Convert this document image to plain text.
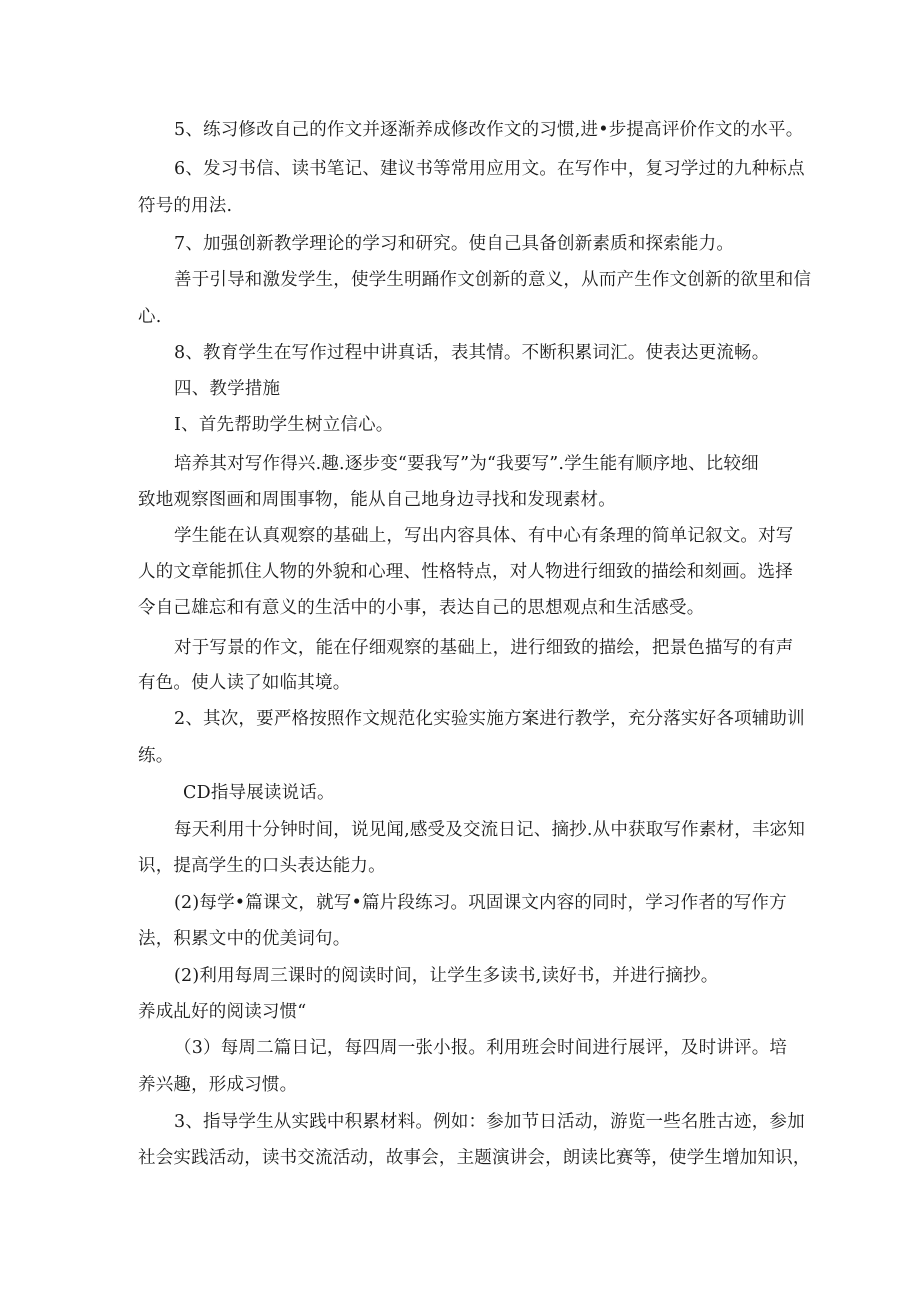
5、练习修改自己的作文并逐渐养成修改作文的习惯,进•步提高评价作文的水平。
6、发习书信、读书笔记、建议书等常用应用文。在写作中，复习学过的九种标点
符号的用法.
7、加强创新教学理论的学习和研究。使自己具备创新素质和探索能力。
善于引导和激发学生，使学生明踊作文创新的意义，从而产生作文创新的欲里和信
心.
8、教育学生在写作过程中讲真话，表其情。不断积累词汇。使表达更流畅。
四、教学措施
I、首先帮助学生树立信心。
培养其对写作得兴.趣.逐步变“要我写”为“我要写”.学生能有顺序地、比较细
致地观察图画和周围事物，能从自己地身边寻找和发现素材。
学生能在认真观察的基础上，写出内容具体、有中心有条理的简单记叙文。对写
人的文章能抓住人物的外貌和心理、性格特点，对人物进行细致的描绘和刻画。选择
令自己雄忘和有意义的生活中的小事，表达自己的思想观点和生活感受。
对于写景的作文，能在仔细观察的基础上，进行细致的描绘，把景色描写的有声
有色。使人读了如临其境。
2、其次，要严格按照作文规范化实验实施方案进行教学，充分落实好各项辅助训
练。
CD指导展读说话。
每天利用十分钟时间，说见闻,感受及交流日记、摘抄.从中获取写作素材，丰宓知
识，提高学生的口头表达能力。
(2)每学•篇课文，就写•篇片段练习。巩固课文内容的同时，学习作者的写作方
法，积累文中的优美词句。
(2)利用每周三课时的阅读时间，让学生多读书,读好书，并进行摘抄。
养成乩好的阅读习惯“
（3）每周二篇日记，每四周一张小报。利用班会时间进行展评，及时讲评。培
养兴趣，形成习惯。
3、指导学生从实践中积累材料。例如：参加节日活动，游览一些名胜古迹，参加
社会实践活动，读书交流活动，故事会，主题演讲会，朗读比赛等，使学生增加知识，
